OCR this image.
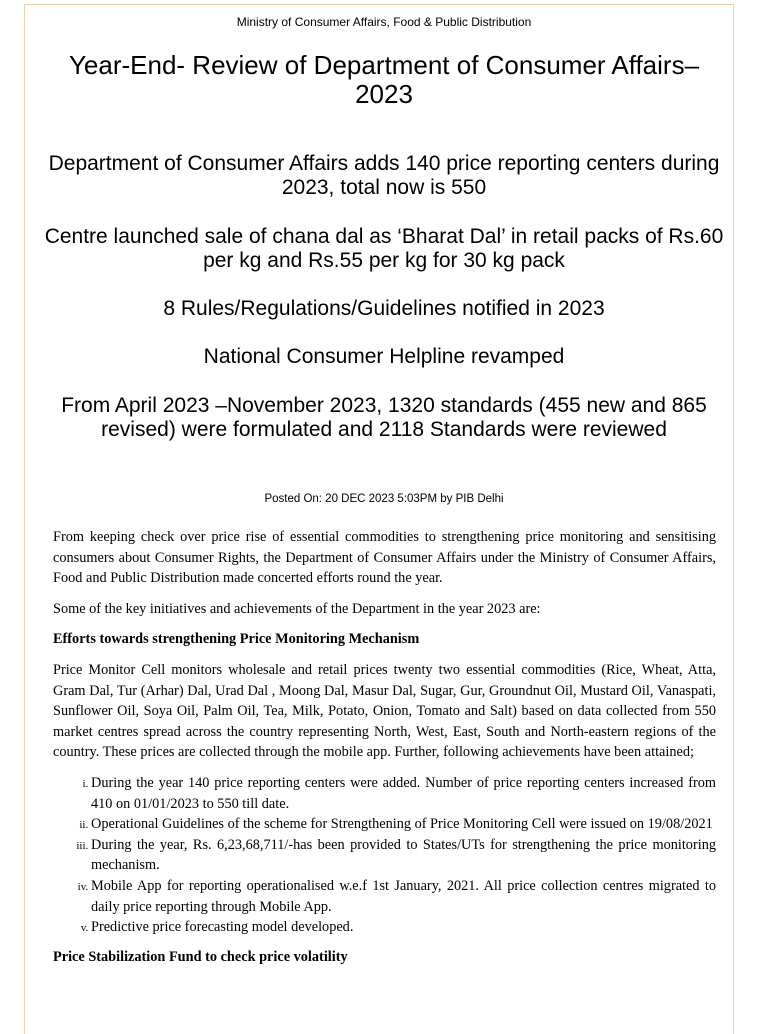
Ministry of Consumer Affairs, Food & Public Distribution
Year-End- Review of Department of Consumer Affairs– 2023

Department of Consumer Affairs adds 140 price reporting centers during 2023, total now is 550

Centre launched sale of chana dal as ‘Bharat Dal’ in retail packs of Rs.60 per kg and Rs.55 per kg for 30 kg pack

8 Rules/Regulations/Guidelines notified in 2023

National Consumer Helpline revamped

From April 2023 –November 2023, 1320 standards (455 new and 865 revised) were formulated and 2118 Standards were reviewed

Posted On: 20 DEC 2023 5:03PM by PIB Delhi

From keeping check over price rise of essential commodities to strengthening price monitoring and sensitising consumers about Consumer Rights, the Department of Consumer Affairs under the Ministry of Consumer Affairs, Food and Public Distribution made concerted efforts round the year.

Some of the key initiatives and achievements of the Department in the year 2023 are:

Efforts towards strengthening Price Monitoring Mechanism

Price Monitor Cell monitors wholesale and retail prices twenty two essential commodities (Rice, Wheat, Atta, Gram Dal, Tur (Arhar) Dal, Urad Dal , Moong Dal, Masur Dal, Sugar, Gur, Groundnut Oil, Mustard Oil, Vanaspati, Sunflower Oil, Soya Oil, Palm Oil, Tea, Milk, Potato, Onion, Tomato and Salt) based on data collected from 550 market centres spread across the country representing North, West, East, South and North-eastern regions of the country. These prices are collected through the mobile app. Further, following achievements have been attained;

i. During the year 140 price reporting centers were added. Number of price reporting centers increased from 410 on 01/01/2023 to 550 till date.
ii. Operational Guidelines of the scheme for Strengthening of Price Monitoring Cell were issued on 19/08/2021
iii. During the year, Rs. 6,23,68,711/-has been provided to States/UTs for strengthening the price monitoring mechanism.
iv. Mobile App for reporting operationalised w.e.f 1st January, 2021. All price collection centres migrated to daily price reporting through Mobile App.
v. Predictive price forecasting model developed.

Price Stabilization Fund to check price volatility
